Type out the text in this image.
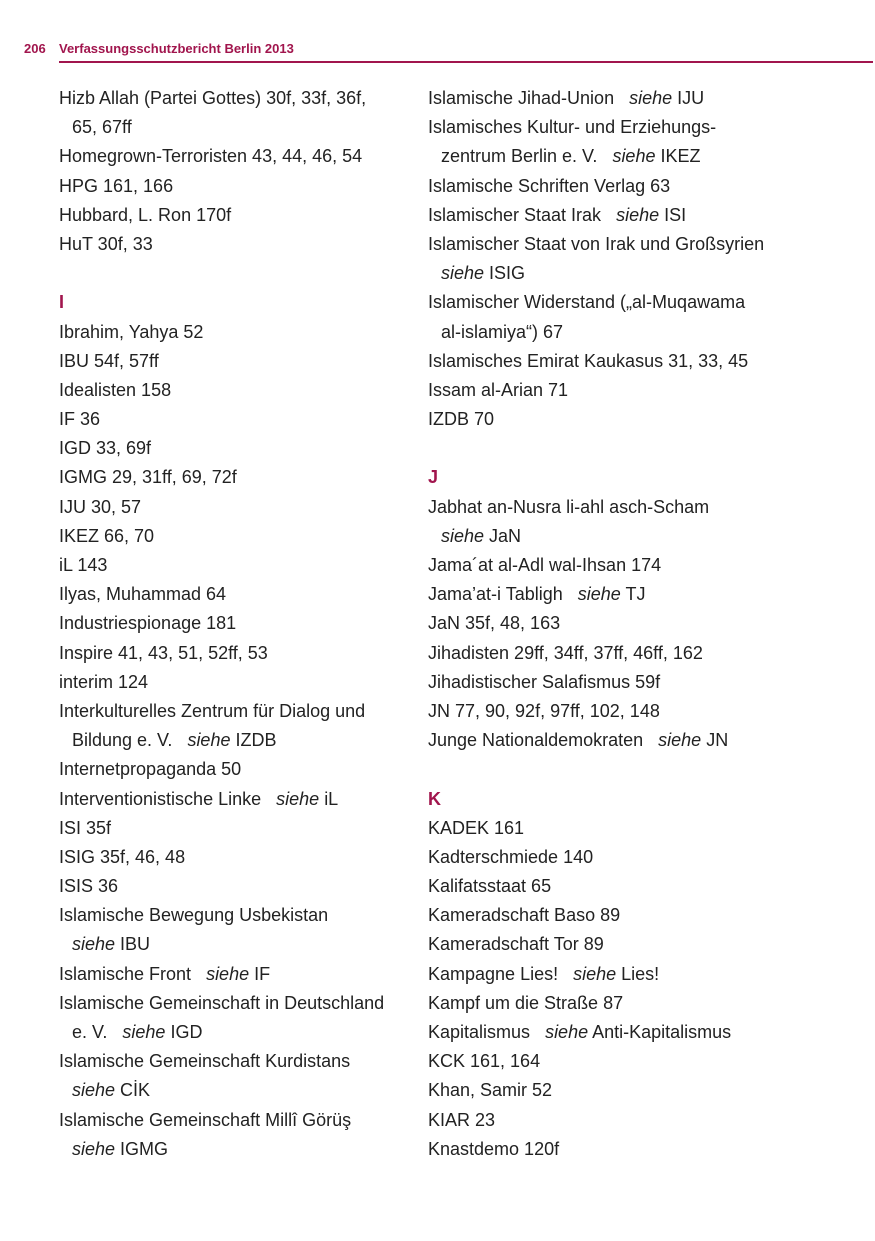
206 Verfassungsschutzbericht Berlin 2013
Hizb Allah (Partei Gottes) 30f, 33f, 36f,
65, 67ff
Homegrown-Terroristen 43, 44, 46, 54
HPG 161, 166
Hubbard, L. Ron 170f
HuT 30f, 33
I
Ibrahim, Yahya 52
IBU 54f, 57ff
Idealisten 158
IF 36
IGD 33, 69f
IGMG 29, 31ff, 69, 72f
IJU 30, 57
IKEZ 66, 70
iL 143
Ilyas, Muhammad 64
Industriespionage 181
Inspire 41, 43, 51, 52ff, 53
interim 124
Interkulturelles Zentrum für Dialog und
Bildung e. V. siehe IZDB
Internetpropaganda 50
Interventionistische Linke siehe iL
ISI 35f
ISIG 35f, 46, 48
ISIS 36
Islamische Bewegung Usbekistan
siehe IBU
Islamische Front siehe IF
Islamische Gemeinschaft in Deutschland
e. V. siehe IGD
Islamische Gemeinschaft Kurdistans
siehe CİK
Islamische Gemeinschaft Millî Görüş
siehe IGMG
Islamische Jihad-Union siehe IJU
Islamisches Kultur- und Erziehungs-
zentrum Berlin e. V. siehe IKEZ
Islamische Schriften Verlag 63
Islamischer Staat Irak siehe ISI
Islamischer Staat von Irak und Großsyrien
siehe ISIG
Islamischer Widerstand („al-Muqawama
al-islamiya“) 67
Islamisches Emirat Kaukasus 31, 33, 45
Issam al-Arian 71
IZDB 70
J
Jabhat an-Nusra li-ahl asch-Scham
siehe JaN
Jama´at al-Adl wal-Ihsan 174
Jama’at-i Tabligh siehe TJ
JaN 35f, 48, 163
Jihadisten 29ff, 34ff, 37ff, 46ff, 162
Jihadistischer Salafismus 59f
JN 77, 90, 92f, 97ff, 102, 148
Junge Nationaldemokraten siehe JN
K
KADEK 161
Kadterschmiede 140
Kalifatsstaat 65
Kameradschaft Baso 89
Kameradschaft Tor 89
Kampagne Lies! siehe Lies!
Kampf um die Straße 87
Kapitalismus siehe Anti-Kapitalismus
KCK 161, 164
Khan, Samir 52
KIAR 23
Knastdemo 120f
